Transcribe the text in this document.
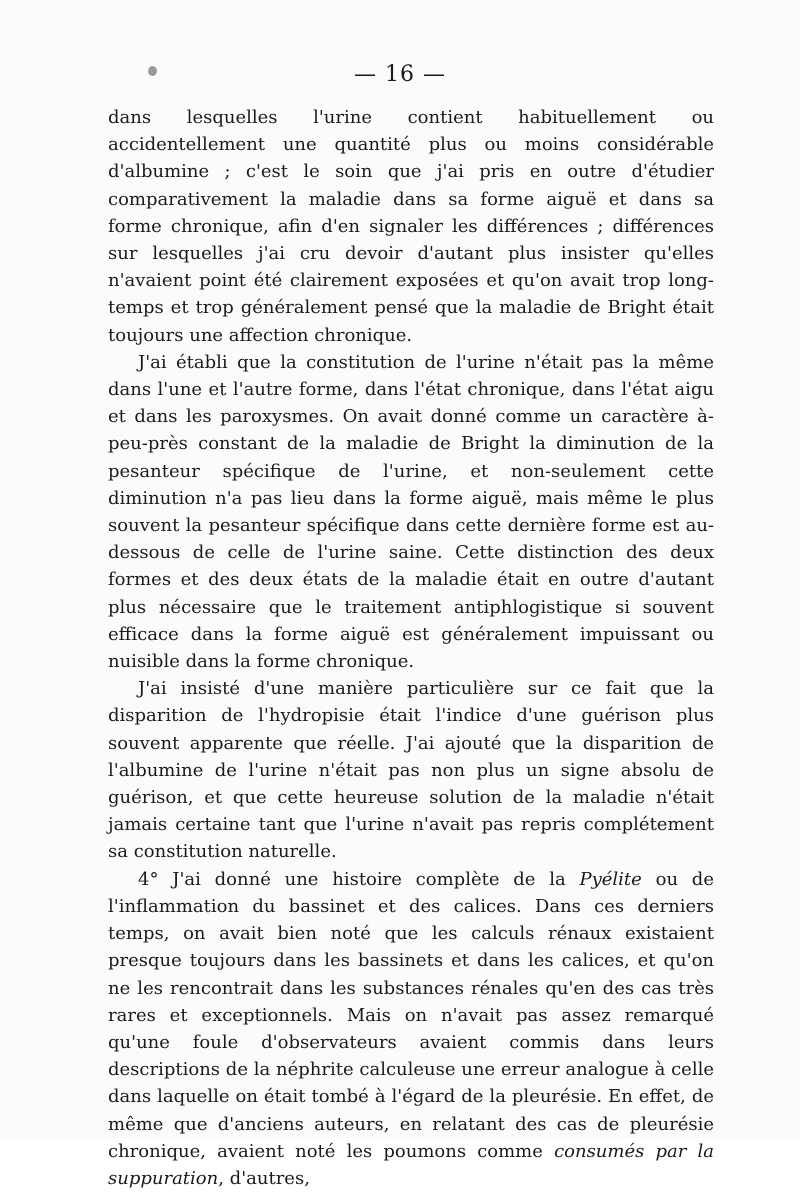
— 16 —

dans lesquelles l'urine contient habituellement ou accidentellement une quantité plus ou moins considérable d'albumine ; c'est le soin que j'ai pris en outre d'étudier comparativement la maladie dans sa forme aiguë et dans sa forme chronique, afin d'en signaler les différences ; différences sur lesquelles j'ai cru devoir d'autant plus insister qu'elles n'avaient point été clairement exposées et qu'on avait trop long-temps et trop généralement pensé que la maladie de Bright était toujours une affection chronique.

J'ai établi que la constitution de l'urine n'était pas la même dans l'une et l'autre forme, dans l'état chronique, dans l'état aigu et dans les paroxysmes. On avait donné comme un caractère à-peu-près constant de la maladie de Bright la diminution de la pesanteur spécifique de l'urine, et non-seulement cette diminution n'a pas lieu dans la forme aiguë, mais même le plus souvent la pesanteur spécifique dans cette dernière forme est au-dessous de celle de l'urine saine. Cette distinction des deux formes et des deux états de la maladie était en outre d'autant plus nécessaire que le traitement antiphlogistique si souvent efficace dans la forme aiguë est généralement impuissant ou nuisible dans la forme chronique.

J'ai insisté d'une manière particulière sur ce fait que la disparition de l'hydropisie était l'indice d'une guérison plus souvent apparente que réelle. J'ai ajouté que la disparition de l'albumine de l'urine n'était pas non plus un signe absolu de guérison, et que cette heureuse solution de la maladie n'était jamais certaine tant que l'urine n'avait pas repris complétement sa constitution naturelle.

4° J'ai donné une histoire complète de la Pyélite ou de l'inflammation du bassinet et des calices. Dans ces derniers temps, on avait bien noté que les calculs rénaux existaient presque toujours dans les bassinets et dans les calices, et qu'on ne les rencontrait dans les substances rénales qu'en des cas très rares et exceptionnels. Mais on n'avait pas assez remarqué qu'une foule d'observateurs avaient commis dans leurs descriptions de la néphrite calculeuse une erreur analogue à celle dans laquelle on était tombé à l'égard de la pleurésie. En effet, de même que d'anciens auteurs, en relatant des cas de pleurésie chronique, avaient noté les poumons comme consumés par la suppuration, d'autres,
